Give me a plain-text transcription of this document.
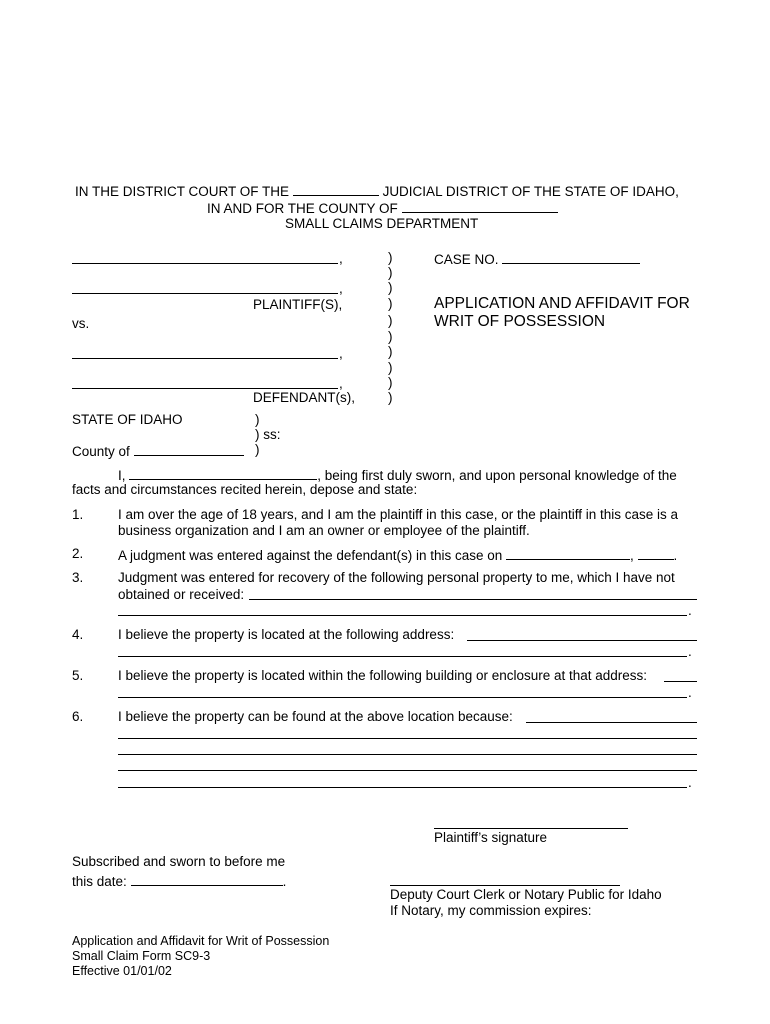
IN THE DISTRICT COURT OF THE	JUDICIAL DISTRICT OF THE STATE OF IDAHO,
IN AND FOR THE COUNTY OF
SMALL CLAIMS DEPARTMENT
,
,
PLAINTIFF(S),
vs.
,
,
DEFENDANT(s),
)
)
)
)
)
)
)
)
)
)
CASE NO.
APPLICATION AND AFFIDAVIT FOR
WRIT OF POSSESSION
STATE OF IDAHO	)
) ss:
County of	)
I,	, being first duly sworn, and upon personal knowledge of the
facts and circumstances recited herein, depose and state:
1.	I am over the age of 18 years, and I am the plaintiff in this case, or the plaintiff in this case is a
business organization and I am an owner or employee of the plaintiff.
2.	A judgment was entered against the defendant(s) in this case on	,	.
3.	Judgment was entered for recovery of the following personal property to me, which I have not
obtained or received:
.
4.	I believe the property is located at the following address:
.
5.	I believe the property is located within the following building or enclosure at that address:
.
6.	I believe the property can be found at the above location because:
.
Plaintiff’s signature
Subscribed and sworn to before me
this date:	.
Deputy Court Clerk or Notary Public for Idaho
If Notary, my commission expires:
Application and Affidavit for Writ of Possession
Small Claim Form SC9-3
Effective 01/01/02
